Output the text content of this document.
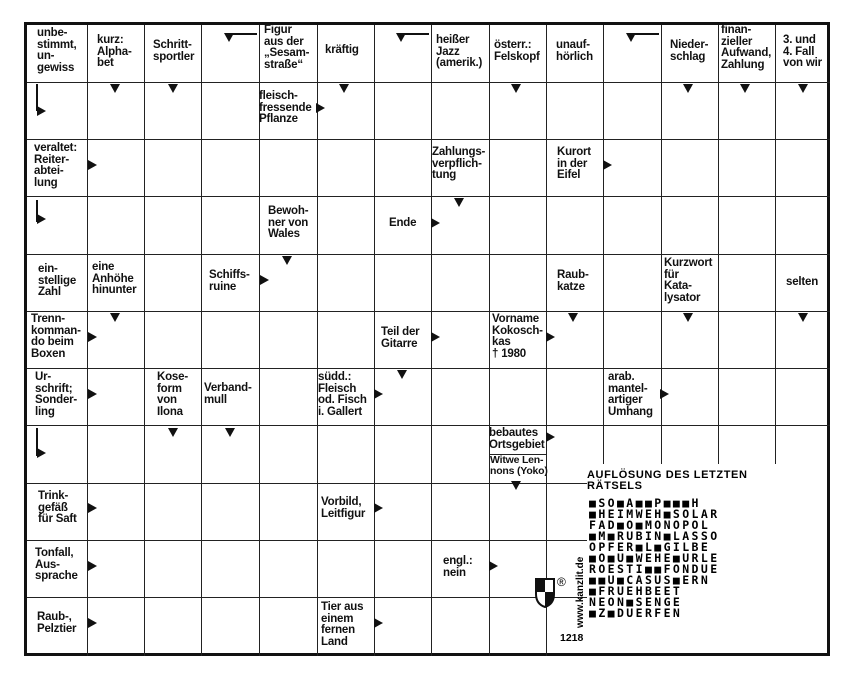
unbe-
stimmt,
un-
gewiss
kurz:
Alpha-
bet
Schritt-
sportler
Figur
aus der
„Sesam-
straße“
kräftig
heißer
Jazz
(amerik.)
österr.:
Felskopf
unauf-
hörlich
Nieder-
schlag
finan-
zieller
Aufwand,
Zahlung
3. und
4. Fall
von wir
fleisch-
fressende
Pflanze
veraltet:
Reiter-
abtei-
lung
Zahlungs-
verpflich-
tung
Kurort
in der
Eifel
Bewoh-
ner von
Wales
Ende
ein-
stellige
Zahl
eine
Anhöhe
hinunter
Schiffs-
ruine
Raub-
katze
Kurzwort
für
Kata-
lysator
selten
Trenn-
komman-
do beim
Boxen
Teil der
Gitarre
Vorname
Kokosch-
kas
† 1980
Ur-
schrift;
Sonder-
ling
Kose-
form
von
Ilona
Verband-
mull
südd.:
Fleisch
od. Fisch
i. Gallert
arab.
mantel-
artiger
Umhang
bebautes
Ortsgebiet
Witwe Len-
nons (Yoko)
Trink-
gefäß
für Saft
Vorbild,
Leitfigur
Tonfall,
Aus-
sprache
engl.:
nein
Raub-,
Pelztier
Tier aus
einem
fernen
Land
AUFLÖSUNG DES LETZTEN
RÄTSELS
■SO■A■■P■■■H
■HEIMWEH■SOLAR
FAD■O■MONOPOL
■M■RUBIN■LASSO
OPFER■L■GILBE
■O■U■WEHE■URLE
ROESTI■■FONDUE
■■U■CASUS■ERN
■FRUEHBEET
NEON■SENGE
■Z■DUERFEN
www.kanzlit.de
1218
®
